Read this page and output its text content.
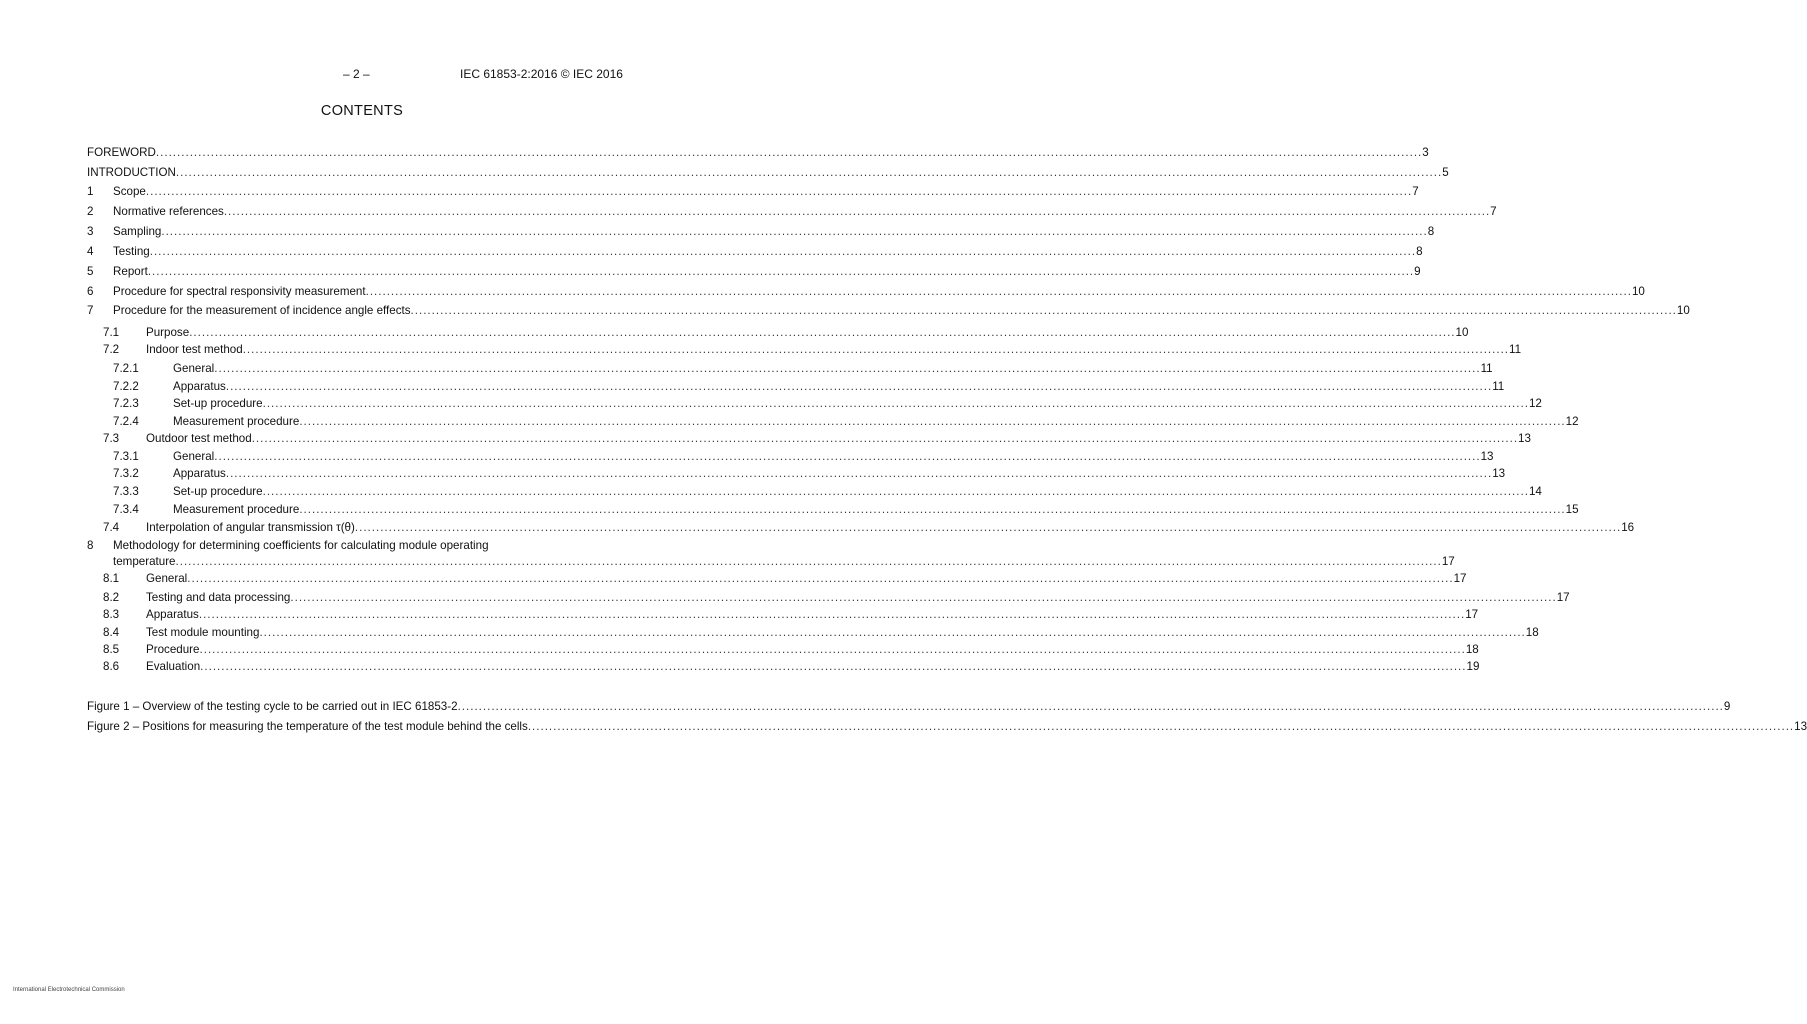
– 2 –	IEC 61853-2:2016 © IEC 2016
CONTENTS
FOREWORD ............................................................................................................................................................................................................................................................................................................ 3
INTRODUCTION ............................................................................................................................................................................................................................................................................................................ 5
1 Scope ............................................................................................................................................................................................................................................................................................................ 7
2 Normative references ............................................................................................................................................................................................................................................................................................................ 7
3 Sampling ............................................................................................................................................................................................................................................................................................................ 8
4 Testing ............................................................................................................................................................................................................................................................................................................ 8
5 Report ............................................................................................................................................................................................................................................................................................................ 9
6 Procedure for spectral responsivity measurement ............................................................................................................................................................................................................................................................................................................ 10
7 Procedure for the measurement of incidence angle effects ............................................................................................................................................................................................................................................................................................................ 10
7.1 Purpose ............................................................................................................................................................................................................................................................................................................ 10
7.2 Indoor test method ............................................................................................................................................................................................................................................................................................................ 11
7.2.1	General ............................................................................................................................................................................................................................................................................................................ 11
7.2.2	Apparatus ............................................................................................................................................................................................................................................................................................................ 11
7.2.3	Set-up procedure ............................................................................................................................................................................................................................................................................................................ 12
7.2.4	Measurement procedure ............................................................................................................................................................................................................................................................................................................ 12
7.3 Outdoor test method ............................................................................................................................................................................................................................................................................................................ 13
7.3.1	General ............................................................................................................................................................................................................................................................................................................ 13
7.3.2	Apparatus ............................................................................................................................................................................................................................................................................................................ 13
7.3.3	Set-up procedure ............................................................................................................................................................................................................................................................................................................ 14
7.3.4	Measurement procedure ............................................................................................................................................................................................................................................................................................................ 15
7.4 Interpolation of angular transmission τ(θ) ............................................................................................................................................................................................................................................................................................................ 16
8 Methodology for determining coefficients for calculating module operating
temperature ............................................................................................................................................................................................................................................................................................................ 17
8.1 General ............................................................................................................................................................................................................................................................................................................ 17
8.2 Testing and data processing ............................................................................................................................................................................................................................................................................................................ 17
8.3 Apparatus ............................................................................................................................................................................................................................................................................................................ 17
8.4 Test module mounting ............................................................................................................................................................................................................................................................................................................ 18
8.5 Procedure ............................................................................................................................................................................................................................................................................................................ 18
8.6 Evaluation ............................................................................................................................................................................................................................................................................................................ 19
Figure 1 – Overview of the testing cycle to be carried out in IEC 61853-2 ............................................................................................................................................................................................................................................................................................................ 9
Figure 2 – Positions for measuring the temperature of the test module behind the cells ............................................................................................................................................................................................................................................................................................................ 13
International Electrotechnical Commission
